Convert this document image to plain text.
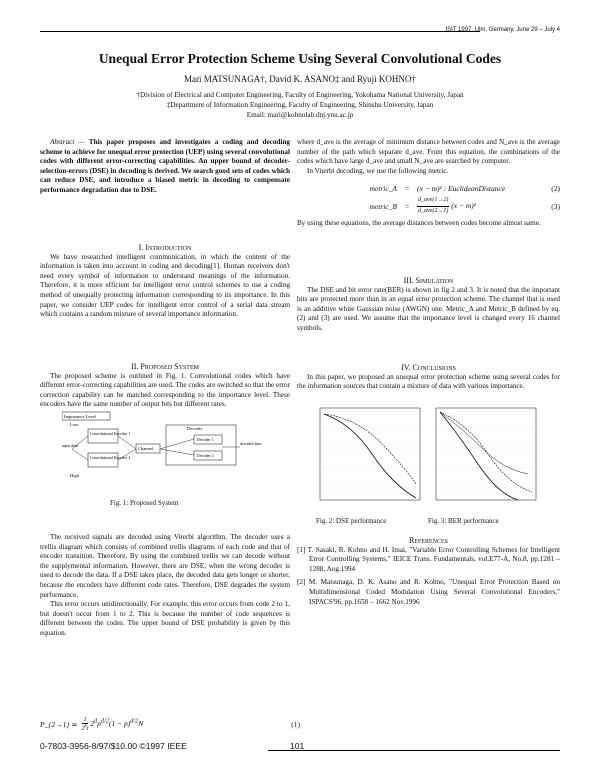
ISIT 1997, Ulm, Germany, June 29 – July 4
Unequal Error Protection Scheme Using Several Convolutional Codes
Mari MATSUNAGA†, David K. ASANO‡ and Ryuji KOHNO†
†Division of Electrical and Computer Engineering, Faculty of Engineering, Yokohama National University, Japan
‡Department of Information Engineering, Faculty of Engineering, Shinshu University, Japan
Email: mari@kohnolab.dnj.ynu.ac.jp

Abstract — This paper proposes and investigates a coding and decoding scheme to achieve for unequal error protection (UEP) using several convolutional codes with different error-correcting capabilities. An upper bound of decoder-selection-errors (DSE) in decoding is derived. We search good sets of codes which can reduce DSE, and introduce a biased metric in decoding to compensate performance degradation due to DSE.

I. Introduction

We have researched intelligent communication, in which the content of the information is taken into account in coding and decoding[1]. Human receivers don't need every symbol of information to understand meanings of the information. Therefore, it is more efficient for intelligent error control schemes to use a coding method of unequally protecting information corresponding to its importance. In this paper, we consider UEP codes for intelligent error control of a serial data stream which contains a random mixture of several importance information.

II. Proposed System

The proposed scheme is outlined in Fig. 1. Convolutional codes which have different error-correcting capabilities are used. The codes are switched so that the error correction capability can be matched corresponding to the importance level. These encoders have the same number of output bits but different rates.

Importance Level
Low
High
Convolutional Encoder 1
Convolutional Encoder 2
input data
Channel
Decoder
Decoder 1
Decoder 2
decoded data
Fig. 1: Proposed System

The received signals are decoded using Viterbi algorithm. The decoder uses a trellis diagram which consists of combined trellis diagrams of each code and that of encoder transition. Therefore, By using the combined trellis we can decode without the supplymental information. However, there are DSE, when the wrong decoder is used to decode the data. If a DSE takes place, the decoded data gets longer or shorter, because the encoders have different code rates. Therefore, DSE degrades the system performance.

This error occurs unidirectionally. For example, this error occurs from code 2 to 1, but doesn't occur from 1 to 2. This is because the number of code sequences is different between the codes. The upper bound of DSE probability is given by this equation.

P_{2→1} ≃ $\frac{1}{2^kt} 2^dp^{d/2}(1 - p)^{d/2}N$	(1)
0-7803-3956-8/97/$10.00 ©1997 IEEE	101

where d_ave is the average of minimum distance between codes and N_ave is the average number of the path which separate d_ave. From this equation, the combinations of the codes which have large d_ave and small N_ave are searched by computer.

In Viterbi decoding, we use the following metric.

metric_A	=	(x − m)² : EuclideanDistance	(2)
metric_B	=	$\frac{\text{d\_ave(1→2)}}{\text{d\_ave(2→1)}} (x - m)^2$	(3)

By using these equations, the average distances between codes become almost same.

III. Simulation

The DSE and bit error rate(BER) is shown in fig 2 and 3. It is noted that the important bits are protected more than in an equal error protection scheme. The channel that is used is an additive white Gaussian noise (AWGN) one. Metric_A and Metric_B defined by eq. (2) and (3) are used. We assume that the importance level is changed every 16 channel symbols.

IV. Conclusions

In this paper, we proposed an unequal error protection scheme using several codes for the information sources that contain a mixture of data with various importance.

Fig. 2: DSE performance	Fig. 3: BER performance
References

[1] T. Sasaki, R. Kohno and H. Imai, "Variable Error Controlling Schemes for Intelligent Error Controlling Systems," IEICE Trans. Fundamentals, vol.E77-A, No.8, pp.1281 – 1288, Aug.1994

[2] M. Matsunaga, D. K. Asano and R. Kohno, "Unequal Error Protection Based on Multidimensional Coded Modulation Using Several Convolutional Encoders," ISPACS'96, pp.1658 – 1662 Nov.1996
